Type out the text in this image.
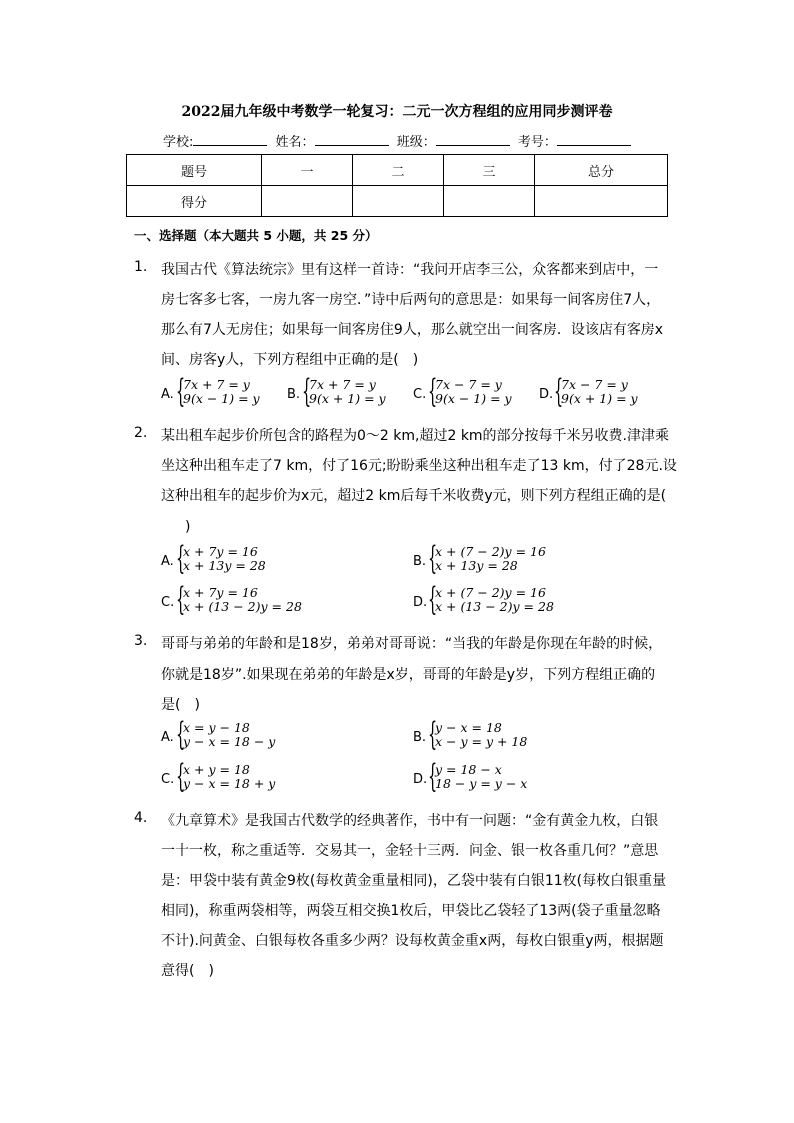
2022届九年级中考数学一轮复习：二元一次方程组的应用同步测评卷
学校:	姓名：	班级：	考号：
题号	一	二	三	总分
得分				
一、选择题（本大题共 5 小题，共 25 分）
1. 我国古代《算法统宗》里有这样一首诗：“我问开店李三公，众客都来到店中，一
房七客多七客，一房九客一房空．”诗中后两句的意思是：如果每一间客房住7人，
那么有7人无房住；如果每一间客房住9人，那么就空出一间客房．设该店有客房x
间、房客y人，下列方程组中正确的是(　)
A. {
7x + 7 = y
9(x − 1) = y B. {
7x + 7 = y
9(x + 1) = y C. {
7x − 7 = y
9(x − 1) = y D. {
7x − 7 = y
9(x + 1) = y
2. 某出租车起步价所包含的路程为0～2 km,超过2 km的部分按每千米另收费.津津乘
坐这种出租车走了7 km，付了16元;盼盼乘坐这种出租车走了13 km，付了28元.设
这种出租车的起步价为x元，超过2 km后每千米收费y元，则下列方程组正确的是(
　)
A. {
x + 7y = 16
x + 13y = 28	B. {
x + (7 − 2)y = 16
x + 13y = 28
C. {
x + 7y = 16
x + (13 − 2)y = 28	D. {
x + (7 − 2)y = 16
x + (13 − 2)y = 28
3. 哥哥与弟弟的年龄和是18岁，弟弟对哥哥说：“当我的年龄是你现在年龄的时候，
你就是18岁”.如果现在弟弟的年龄是x岁，哥哥的年龄是y岁，下列方程组正确的
是(　)
A. {
x = y − 18
y − x = 18 − y	B. {
y − x = 18
x − y = y + 18
C. {
x + y = 18
y − x = 18 + y	D. {
y = 18 − x
18 − y = y − x
4. 《九章算术》是我国古代数学的经典著作，书中有一问题：“金有黄金九枚，白银
一十一枚，称之重适等．交易其一，金轻十三两．问金、银一枚各重几何？”意思
是：甲袋中装有黄金9枚(每枚黄金重量相同)，乙袋中装有白银11枚(每枚白银重量
相同)，称重两袋相等，两袋互相交换1枚后，甲袋比乙袋轻了13两(袋子重量忽略
不计).问黄金、白银每枚各重多少两？设每枚黄金重x两，每枚白银重y两，根据题
意得(　)
